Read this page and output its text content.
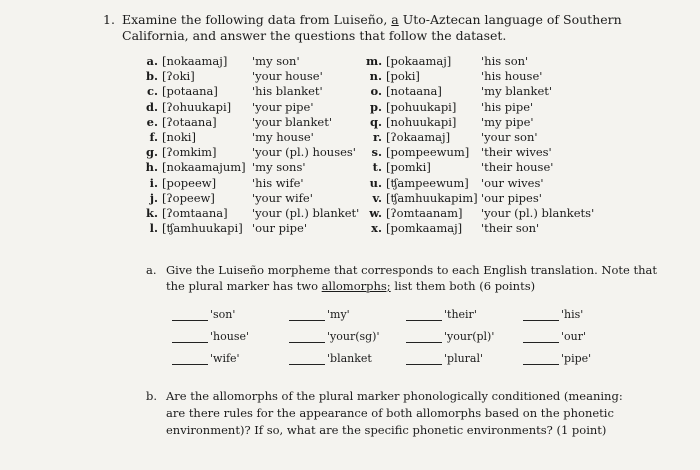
1. Examine the following data from Luiseño, a Uto-Aztecan language of Southern California, and answer the questions that follow the dataset.
a. [nokaamaj]	'my son'
b. [ʔoki]	'your house'
c. [potaana]	'his blanket'
d. [ʔohuukapi]	'your pipe'
e. [ʔotaana]	'your blanket'
f. [noki]	'my house'
g. [ʔomkim]	'your (pl.) houses'
h. [nokaamajum] 'my sons'
i. [popeew]	'his wife'
j. [ʔopeew]	'your wife'
k. [ʔomtaana]	'your (pl.) blanket'
l. [ʧamhuukapi] 'our pipe'
m. [pokaamaj]	'his son'
n. [poki]	'his house'
o. [notaana]	'my blanket'
p. [pohuukapi]	'his pipe'
q. [nohuukapi]	'my pipe'
r. [ʔokaamaj]	'your son'
s. [pompeewum]	'their wives'
t. [pomki]	'their house'
u. [ʧampeewum]	'our wives'
v. [ʧamhuukapim] 'our pipes'
w. [ʔomtaanam]	'your (pl.) blankets'
x. [pomkaamaj]	'their son'
a. Give the Luiseño morpheme that corresponds to each English translation. Note that the plural marker has two allomorphs; list them both (6 points)
'son'	'my'	'their'	'his'
'house'	'your(sg)'	'your(pl)'	'our'
'wife'	'blanket	'plural'	'pipe'
b. Are the allomorphs of the plural marker phonologically conditioned (meaning: are there rules for the appearance of both allomorphs based on the phonetic environment)? If so, what are the specific phonetic environments? (1 point)
